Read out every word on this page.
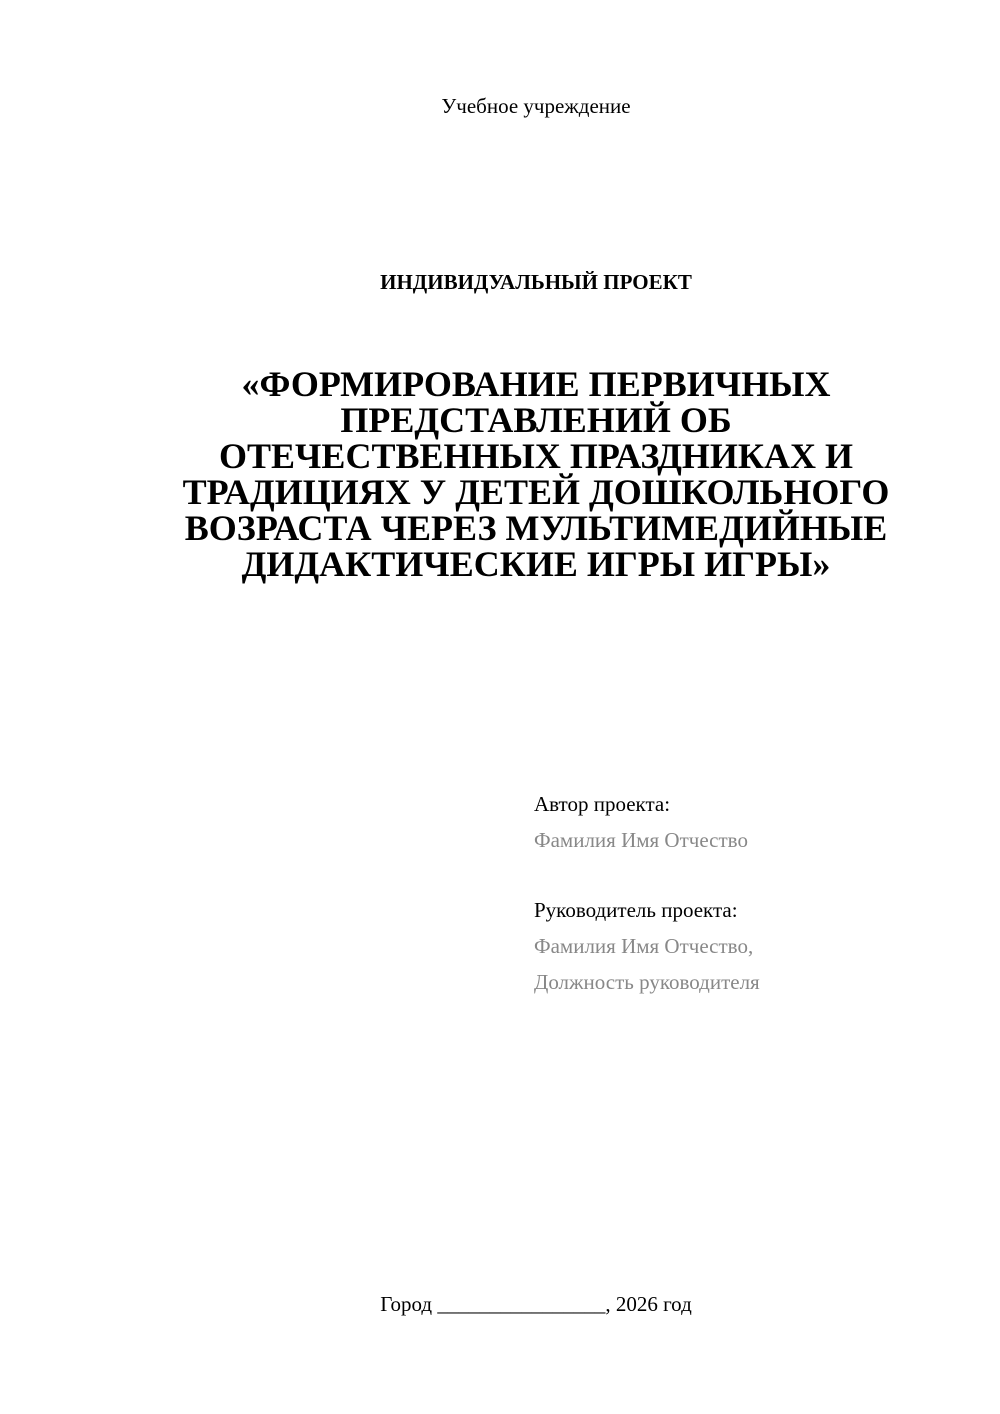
Учебное учреждение
ИНДИВИДУАЛЬНЫЙ ПРОЕКТ
«ФОРМИРОВАНИЕ ПЕРВИЧНЫХ
ПРЕДСТАВЛЕНИЙ ОБ
ОТЕЧЕСТВЕННЫХ ПРАЗДНИКАХ И
ТРАДИЦИЯХ У ДЕТЕЙ ДОШКОЛЬНОГО
ВОЗРАСТА ЧЕРЕЗ МУЛЬТИМЕДИЙНЫЕ
ДИДАКТИЧЕСКИЕ ИГРЫ ИГРЫ»
Автор проекта:
Фамилия Имя Отчество
Руководитель проекта:
Фамилия Имя Отчество,
Должность руководителя
Город ________________, 2026 год
